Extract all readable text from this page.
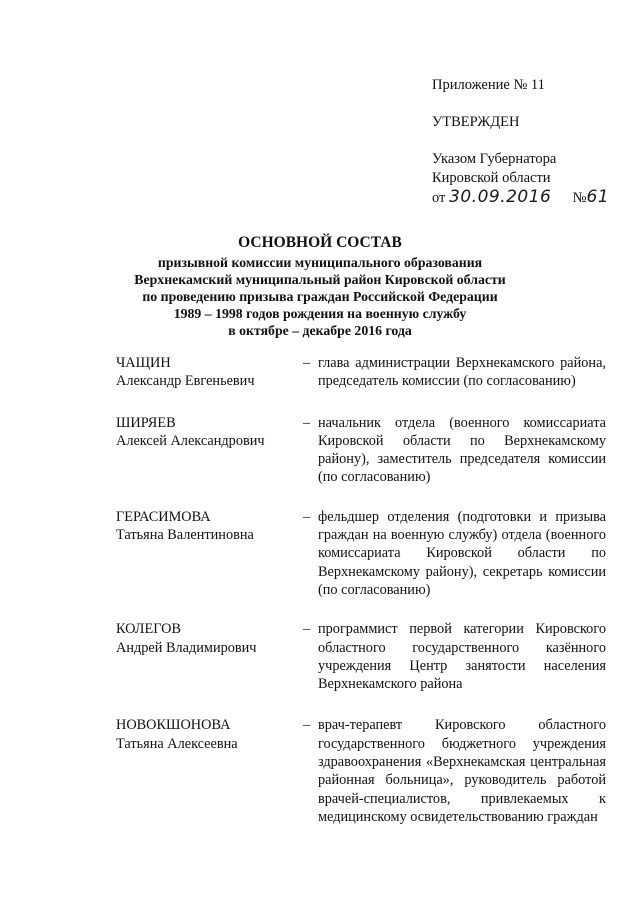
Приложение № 11
УТВЕРЖДЕН
Указом Губернатора
Кировской области
от 30.09.2016 №61
ОСНОВНОЙ СОСТАВ
призывной комиссии муниципального образования
Верхнекамский муниципальный район Кировской области
по проведению призыва граждан Российской Федерации
1989 – 1998 годов рождения на военную службу
в октябре – декабре 2016 года
ЧАЩИН
Александр Евгеньевич
– глава администрации Верхнекамского района, председатель комиссии (по согласованию)
ШИРЯЕВ
Алексей Александрович
– начальник отдела (военного комиссариата Кировской области по Верхнекамскому району), заместитель председателя комиссии (по согласованию)
ГЕРАСИМОВА
Татьяна Валентиновна
– фельдшер отделения (подготовки и призыва граждан на военную службу) отдела (военного комиссариата Кировской области по Верхнекамскому району), секретарь комиссии (по согласованию)
КОЛЕГОВ
Андрей Владимирович
– программист первой категории Кировского областного государственного казённого учреждения Центр занятости населения Верхнекамского района
НОВОКШОНОВА
Татьяна Алексеевна
– врач-терапевт Кировского областного государственного бюджетного учреждения здравоохранения «Верхнекамская центральная районная больница», руководитель работой врачей-специалистов, привлекаемых к медицинскому освидетельствованию граждан
